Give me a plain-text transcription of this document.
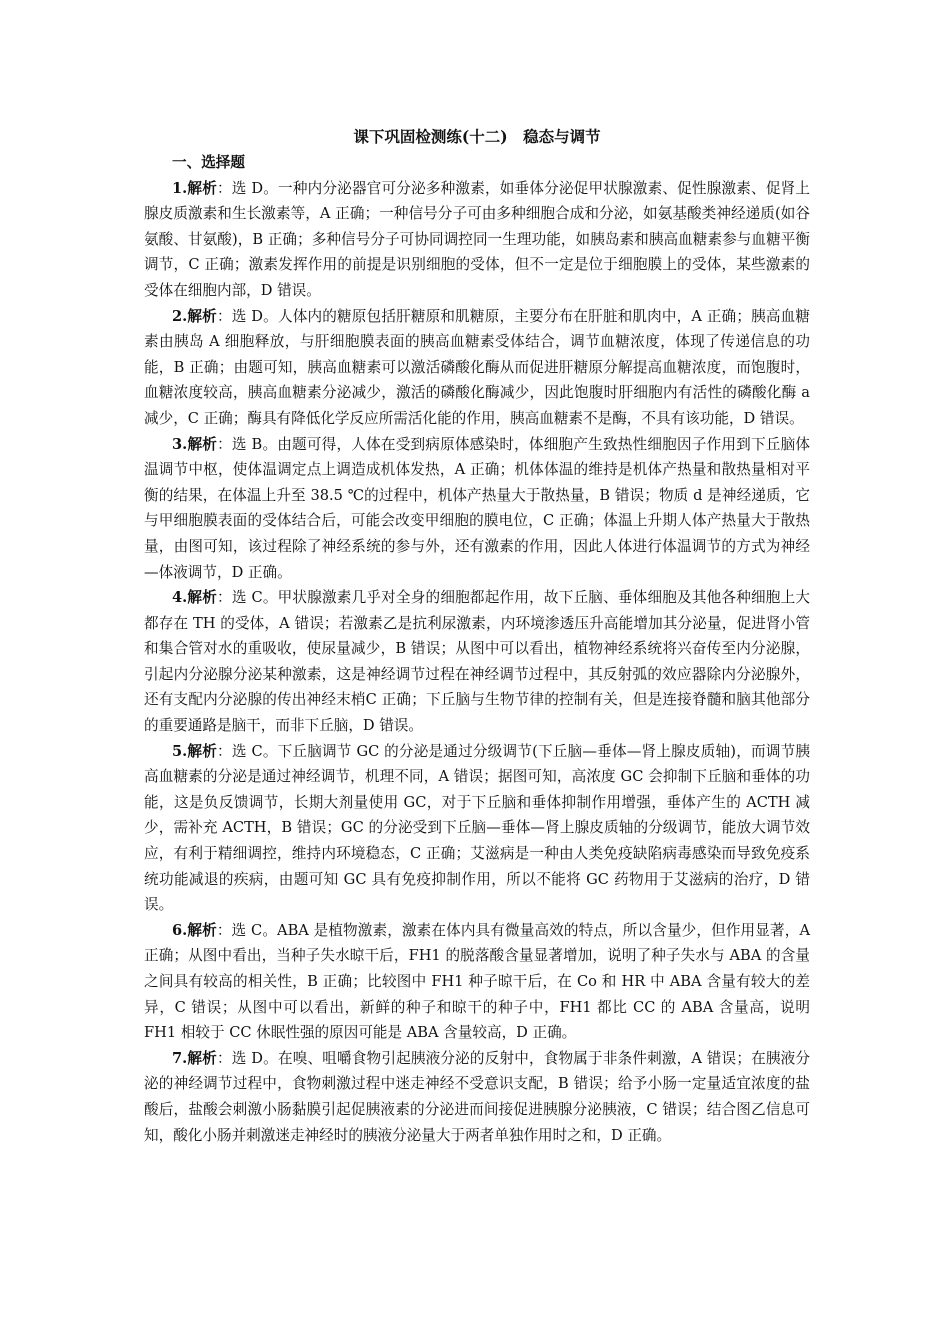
课下巩固检测练(十二)　稳态与调节
一、选择题

1.解析：选 D。一种内分泌器官可分泌多种激素，如垂体分泌促甲状腺激素、促性腺激素、促肾上腺皮质激素和生长激素等，A 正确；一种信号分子可由多种细胞合成和分泌，如氨基酸类神经递质(如谷氨酸、甘氨酸)，B 正确；多种信号分子可协同调控同一生理功能，如胰岛素和胰高血糖素参与血糖平衡调节，C 正确；激素发挥作用的前提是识别细胞的受体，但不一定是位于细胞膜上的受体，某些激素的受体在细胞内部，D 错误。

2.解析：选 D。人体内的糖原包括肝糖原和肌糖原，主要分布在肝脏和肌肉中，A 正确；胰高血糖素由胰岛 A 细胞释放，与肝细胞膜表面的胰高血糖素受体结合，调节血糖浓度，体现了传递信息的功能，B 正确；由题可知，胰高血糖素可以激活磷酸化酶从而促进肝糖原分解提高血糖浓度，而饱腹时，血糖浓度较高，胰高血糖素分泌减少，激活的磷酸化酶减少，因此饱腹时肝细胞内有活性的磷酸化酶 a 减少，C 正确；酶具有降低化学反应所需活化能的作用，胰高血糖素不是酶，不具有该功能，D 错误。

3.解析：选 B。由题可得，人体在受到病原体感染时，体细胞产生致热性细胞因子作用到下丘脑体温调节中枢，使体温调定点上调造成机体发热，A 正确；机体体温的维持是机体产热量和散热量相对平衡的结果，在体温上升至 38.5 ℃的过程中，机体产热量大于散热量，B 错误；物质 d 是神经递质，它与甲细胞膜表面的受体结合后，可能会改变甲细胞的膜电位，C 正确；体温上升期人体产热量大于散热量，由图可知，该过程除了神经系统的参与外，还有激素的作用，因此人体进行体温调节的方式为神经—体液调节，D 正确。

4.解析：选 C。甲状腺激素几乎对全身的细胞都起作用，故下丘脑、垂体细胞及其他各种细胞上大都存在 TH 的受体，A 错误；若激素乙是抗利尿激素，内环境渗透压升高能增加其分泌量，促进肾小管和集合管对水的重吸收，使尿量减少，B 错误；从图中可以看出，植物神经系统将兴奋传至内分泌腺，引起内分泌腺分泌某种激素，这是神经调节过程在神经调节过程中，其反射弧的效应器除内分泌腺外，还有支配内分泌腺的传出神经末梢C 正确；下丘脑与生物节律的控制有关，但是连接脊髓和脑其他部分的重要通路是脑干，而非下丘脑，D 错误。

5.解析：选 C。下丘脑调节 GC 的分泌是通过分级调节(下丘脑—垂体—肾上腺皮质轴)，而调节胰高血糖素的分泌是通过神经调节，机理不同，A 错误；据图可知，高浓度 GC 会抑制下丘脑和垂体的功能，这是负反馈调节，长期大剂量使用 GC，对于下丘脑和垂体抑制作用增强，垂体产生的 ACTH 减少，需补充 ACTH，B 错误；GC 的分泌受到下丘脑—垂体—肾上腺皮质轴的分级调节，能放大调节效应，有利于精细调控，维持内环境稳态，C 正确；艾滋病是一种由人类免疫缺陷病毒感染而导致免疫系统功能减退的疾病，由题可知 GC 具有免疫抑制作用，所以不能将 GC 药物用于艾滋病的治疗，D 错误。

6.解析：选 C。ABA 是植物激素，激素在体内具有微量高效的特点，所以含量少，但作用显著，A 正确；从图中看出，当种子失水晾干后，FH1 的脱落酸含量显著增加，说明了种子失水与 ABA 的含量之间具有较高的相关性，B 正确；比较图中 FH1 种子晾干后，在 Co 和 HR 中 ABA 含量有较大的差异，C 错误；从图中可以看出，新鲜的种子和晾干的种子中，FH1 都比 CC 的 ABA 含量高，说明 FH1 相较于 CC 休眠性强的原因可能是 ABA 含量较高，D 正确。

7.解析：选 D。在嗅、咀嚼食物引起胰液分泌的反射中，食物属于非条件刺激，A 错误；在胰液分泌的神经调节过程中，食物刺激过程中迷走神经不受意识支配，B 错误；给予小肠一定量适宜浓度的盐酸后，盐酸会刺激小肠黏膜引起促胰液素的分泌进而间接促进胰腺分泌胰液，C 错误；结合图乙信息可知，酸化小肠并刺激迷走神经时的胰液分泌量大于两者单独作用时之和，D 正确。
